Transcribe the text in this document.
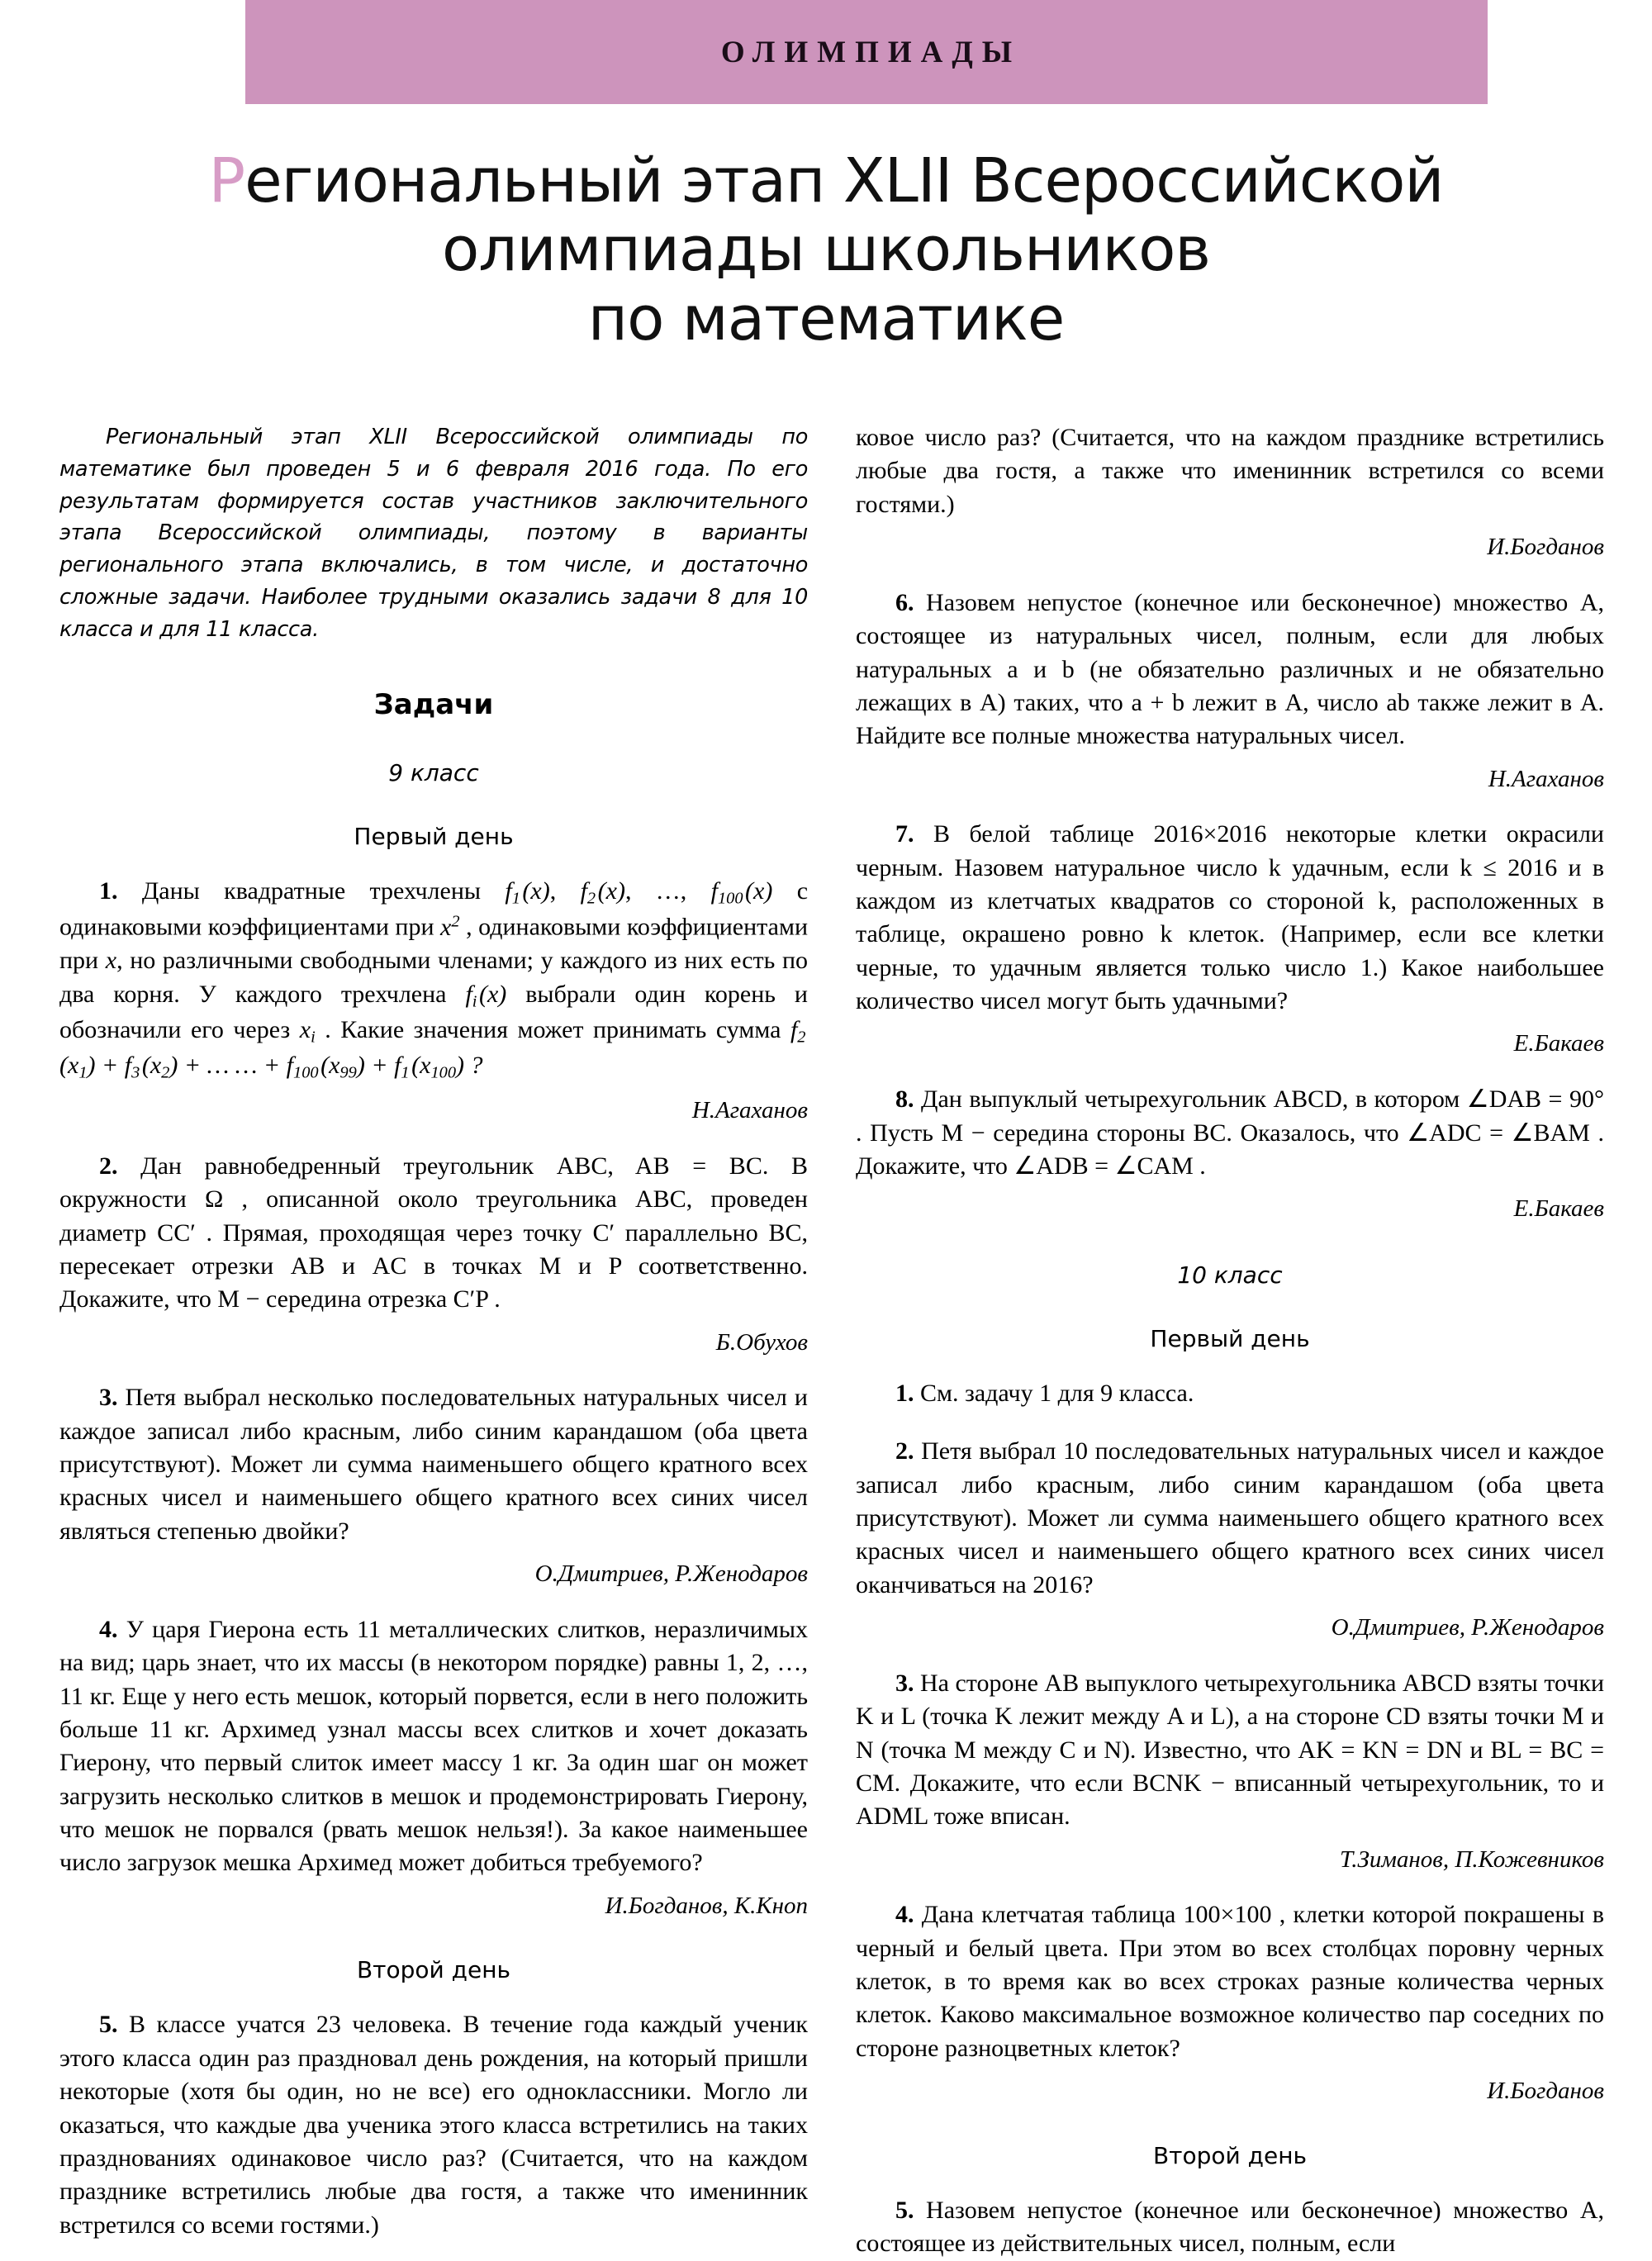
ОЛИМПИАДЫ
Региональный этап XLII Всероссийской
олимпиады школьников
по математике

Региональный этап XLII Всероссийской олимпиады по математике был проведен 5 и 6 февраля 2016 года. По его результатам формируется состав участников заключительного этапа Всероссийской олимпиады, поэтому в варианты регионального этапа включались, в том числе, и достаточно сложные задачи. Наиболее трудными оказались задачи 8 для 10 класса и для 11 класса.

Задачи
9 класс
Первый день

1. Даны квадратные трехчлены $f_1$ (x), $f_2$ (x), …, $f_{100}$ (x) с одинаковыми коэффициентами при $x^2$ , одинаковыми коэффициентами при x, но различными свободными членами; у каждого из них есть по два корня. У каждого трехчлена $f_i$ (x) выбрали один корень и обозначили его через $x_i$ . Какие значения может принимать сумма $f_2$ $(x_1) + f_3$ $(x_2)$ + … … + $f_{100}$ $(x_{99}) + f_1$ $(x_{100})$ ?

Н.Агаханов

2. Дан равнобедренный треугольник ABC, AB = BC. В окружности Ω , описанной около треугольника ABC, проведен диаметр CC′ . Прямая, проходящая через точку C′ параллельно BC, пересекает отрезки AB и AC в точках M и P соответственно. Докажите, что M − середина отрезка C′P .

Б.Обухов

3. Петя выбрал несколько последовательных натуральных чисел и каждое записал либо красным, либо синим карандашом (оба цвета присутствуют). Может ли сумма наименьшего общего кратного всех красных чисел и наименьшего общего кратного всех синих чисел являться степенью двойки?

О.Дмитриев, Р.Женодаров

4. У царя Гиерона есть 11 металлических слитков, неразличимых на вид; царь знает, что их массы (в некотором порядке) равны 1, 2, …, 11 кг. Еще у него есть мешок, который порвется, если в него положить больше 11 кг. Архимед узнал массы всех слитков и хочет доказать Гиерону, что первый слиток имеет массу 1 кг. За один шаг он может загрузить несколько слитков в мешок и продемонстрировать Гиерону, что мешок не порвался (рвать мешок нельзя!). За какое наименьшее число загрузок мешка Архимед может добиться требуемого?

И.Богданов, К.Кноп

Второй день

5. В классе учатся 23 человека. В течение года каждый ученик этого класса один раз праздновал день рождения, на который пришли некоторые (хотя бы один, но не все) его одноклассники. Могло ли оказаться, что каждые два ученика этого класса встретились на таких празднованиях одинаковое число раз? (Считается, что на каждом празднике встретились любые два гостя, а также что именинник встретился со всеми гостями.)

ковое число раз? (Считается, что на каждом празднике встретились любые два гостя, а также что именинник встретился со всеми гостями.)

И.Богданов

6. Назовем непустое (конечное или бесконечное) множество A, состоящее из натуральных чисел, полным, если для любых натуральных a и b (не обязательно различных и не обязательно лежащих в A) таких, что a + b лежит в A, число ab также лежит в A. Найдите все полные множества натуральных чисел.

Н.Агаханов

7. В белой таблице 2016×2016 некоторые клетки окрасили черным. Назовем натуральное число k удачным, если k ≤ 2016 и в каждом из клетчатых квадратов со стороной k, расположенных в таблице, окрашено ровно k клеток. (Например, если все клетки черные, то удачным является только число 1.) Какое наибольшее количество чисел могут быть удачными?

Е.Бакаев

8. Дан выпуклый четырехугольник ABCD, в котором ∠DAB = 90° . Пусть M − середина стороны BC. Оказалось, что ∠ADC = ∠BAM . Докажите, что ∠ADB = ∠CAM .

Е.Бакаев

10 класс
Первый день

1. См. задачу 1 для 9 класса.

2. Петя выбрал 10 последовательных натуральных чисел и каждое записал либо красным, либо синим карандашом (оба цвета присутствуют). Может ли сумма наименьшего общего кратного всех красных чисел и наименьшего общего кратного всех синих чисел оканчиваться на 2016?

О.Дмитриев, Р.Женодаров

3. На стороне AB выпуклого четырехугольника ABCD взяты точки K и L (точка K лежит между A и L), а на стороне CD взяты точки M и N (точка M между C и N). Известно, что AK = KN = DN и BL = BC = CM. Докажите, что если BCNK − вписанный четырехугольник, то и ADML тоже вписан.

Т.Зиманов, П.Кожевников

4. Дана клетчатая таблица 100×100 , клетки которой покрашены в черный и белый цвета. При этом во всех столбцах поровну черных клеток, в то время как во всех строках разные количества черных клеток. Каково максимальное возможное количество пар соседних по стороне разноцветных клеток?

И.Богданов

Второй день

5. Назовем непустое (конечное или бесконечное) множество A, состоящее из действительных чисел, полным, если
